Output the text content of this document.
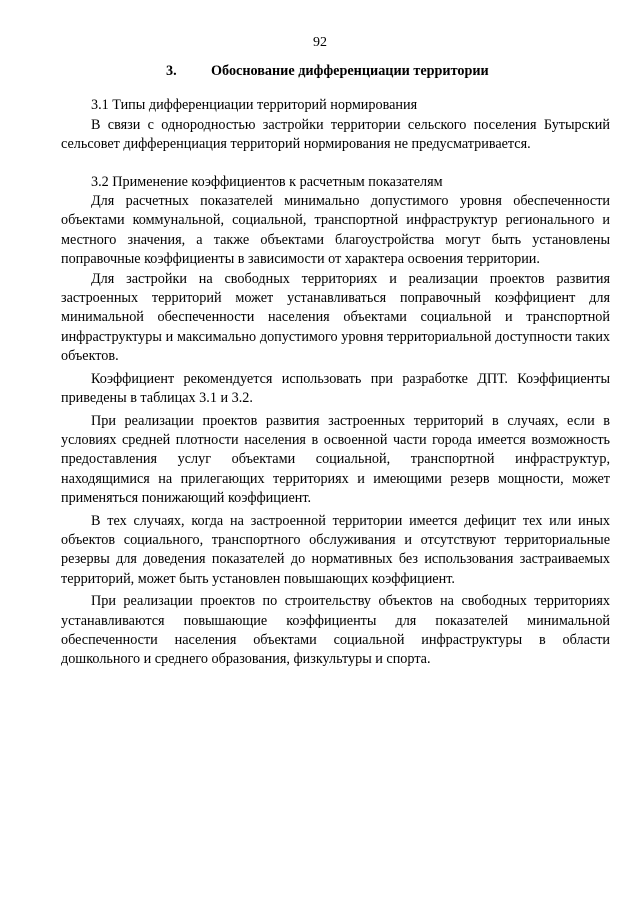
92
3. Обоснование дифференциации территории

3.1 Типы дифференциации территорий нормирования

В связи с однородностью застройки территории сельского поселения Бутырский сельсовет дифференциация территорий нормирования не предусматривается.

3.2 Применение коэффициентов к расчетным показателям

Для расчетных показателей минимально допустимого уровня обеспеченности объектами коммунальной, социальной, транспортной инфраструктур регионального и местного значения, а также объектами благоустройства могут быть установлены поправочные коэффициенты в зависимости от характера освоения территории.

Для застройки на свободных территориях и реализации проектов развития застроенных территорий может устанавливаться поправочный коэффициент для минимальной обеспеченности населения объектами социальной и транспортной инфраструктуры и максимально допустимого уровня территориальной доступности таких объектов.

Коэффициент рекомендуется использовать при разработке ДПТ. Коэффициенты приведены в таблицах 3.1 и 3.2.

При реализации проектов развития застроенных территорий в случаях, если в условиях средней плотности населения в освоенной части города имеется возможность предоставления услуг объектами социальной, транспортной инфраструктур, находящимися на прилегающих территориях и имеющими резерв мощности, может применяться понижающий коэффициент.

В тех случаях, когда на застроенной территории имеется дефицит тех или иных объектов социального, транспортного обслуживания и отсутствуют территориальные резервы для доведения показателей до нормативных без использования застраиваемых территорий, может быть установлен повышающих коэффициент.

При реализации проектов по строительству объектов на свободных территориях устанавливаются повышающие коэффициенты для показателей минимальной обеспеченности населения объектами социальной инфраструктуры в области дошкольного и среднего образования, физкультуры и спорта.
